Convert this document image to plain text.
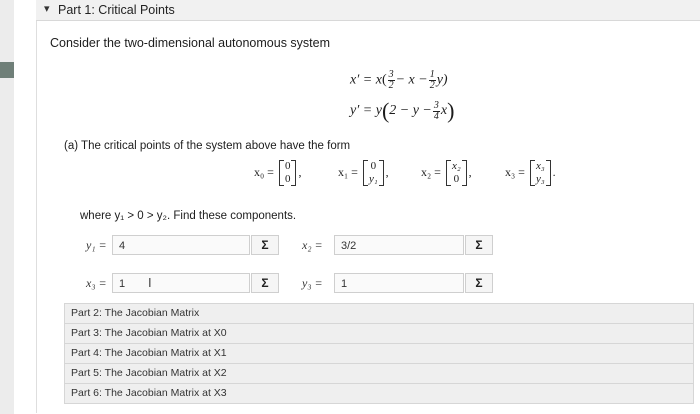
▾ Part 1: Critical Points
Consider the two-dimensional autonomous system
$x' = x( \frac{3}{2} - x - \frac{1}{2} y)$
$y' = y(2 - y - \frac{3}{4} x)$
(a) The critical points of the system above have the form
x₀ = 0
0
,	x₁ = 0
y₁
,	x₂ = x₂
0
,	x₃ = x₃
y₃
.
where y₁ > 0 > y₂. Find these components.
y₁ =
4	Σ	x₂ =
3/2	Σ
x₃ =
1	I	Σ	y₃ =
1	Σ
Part 2: The Jacobian Matrix
Part 3: The Jacobian Matrix at X0
Part 4: The Jacobian Matrix at X1
Part 5: The Jacobian Matrix at X2
Part 6: The Jacobian Matrix at X3
